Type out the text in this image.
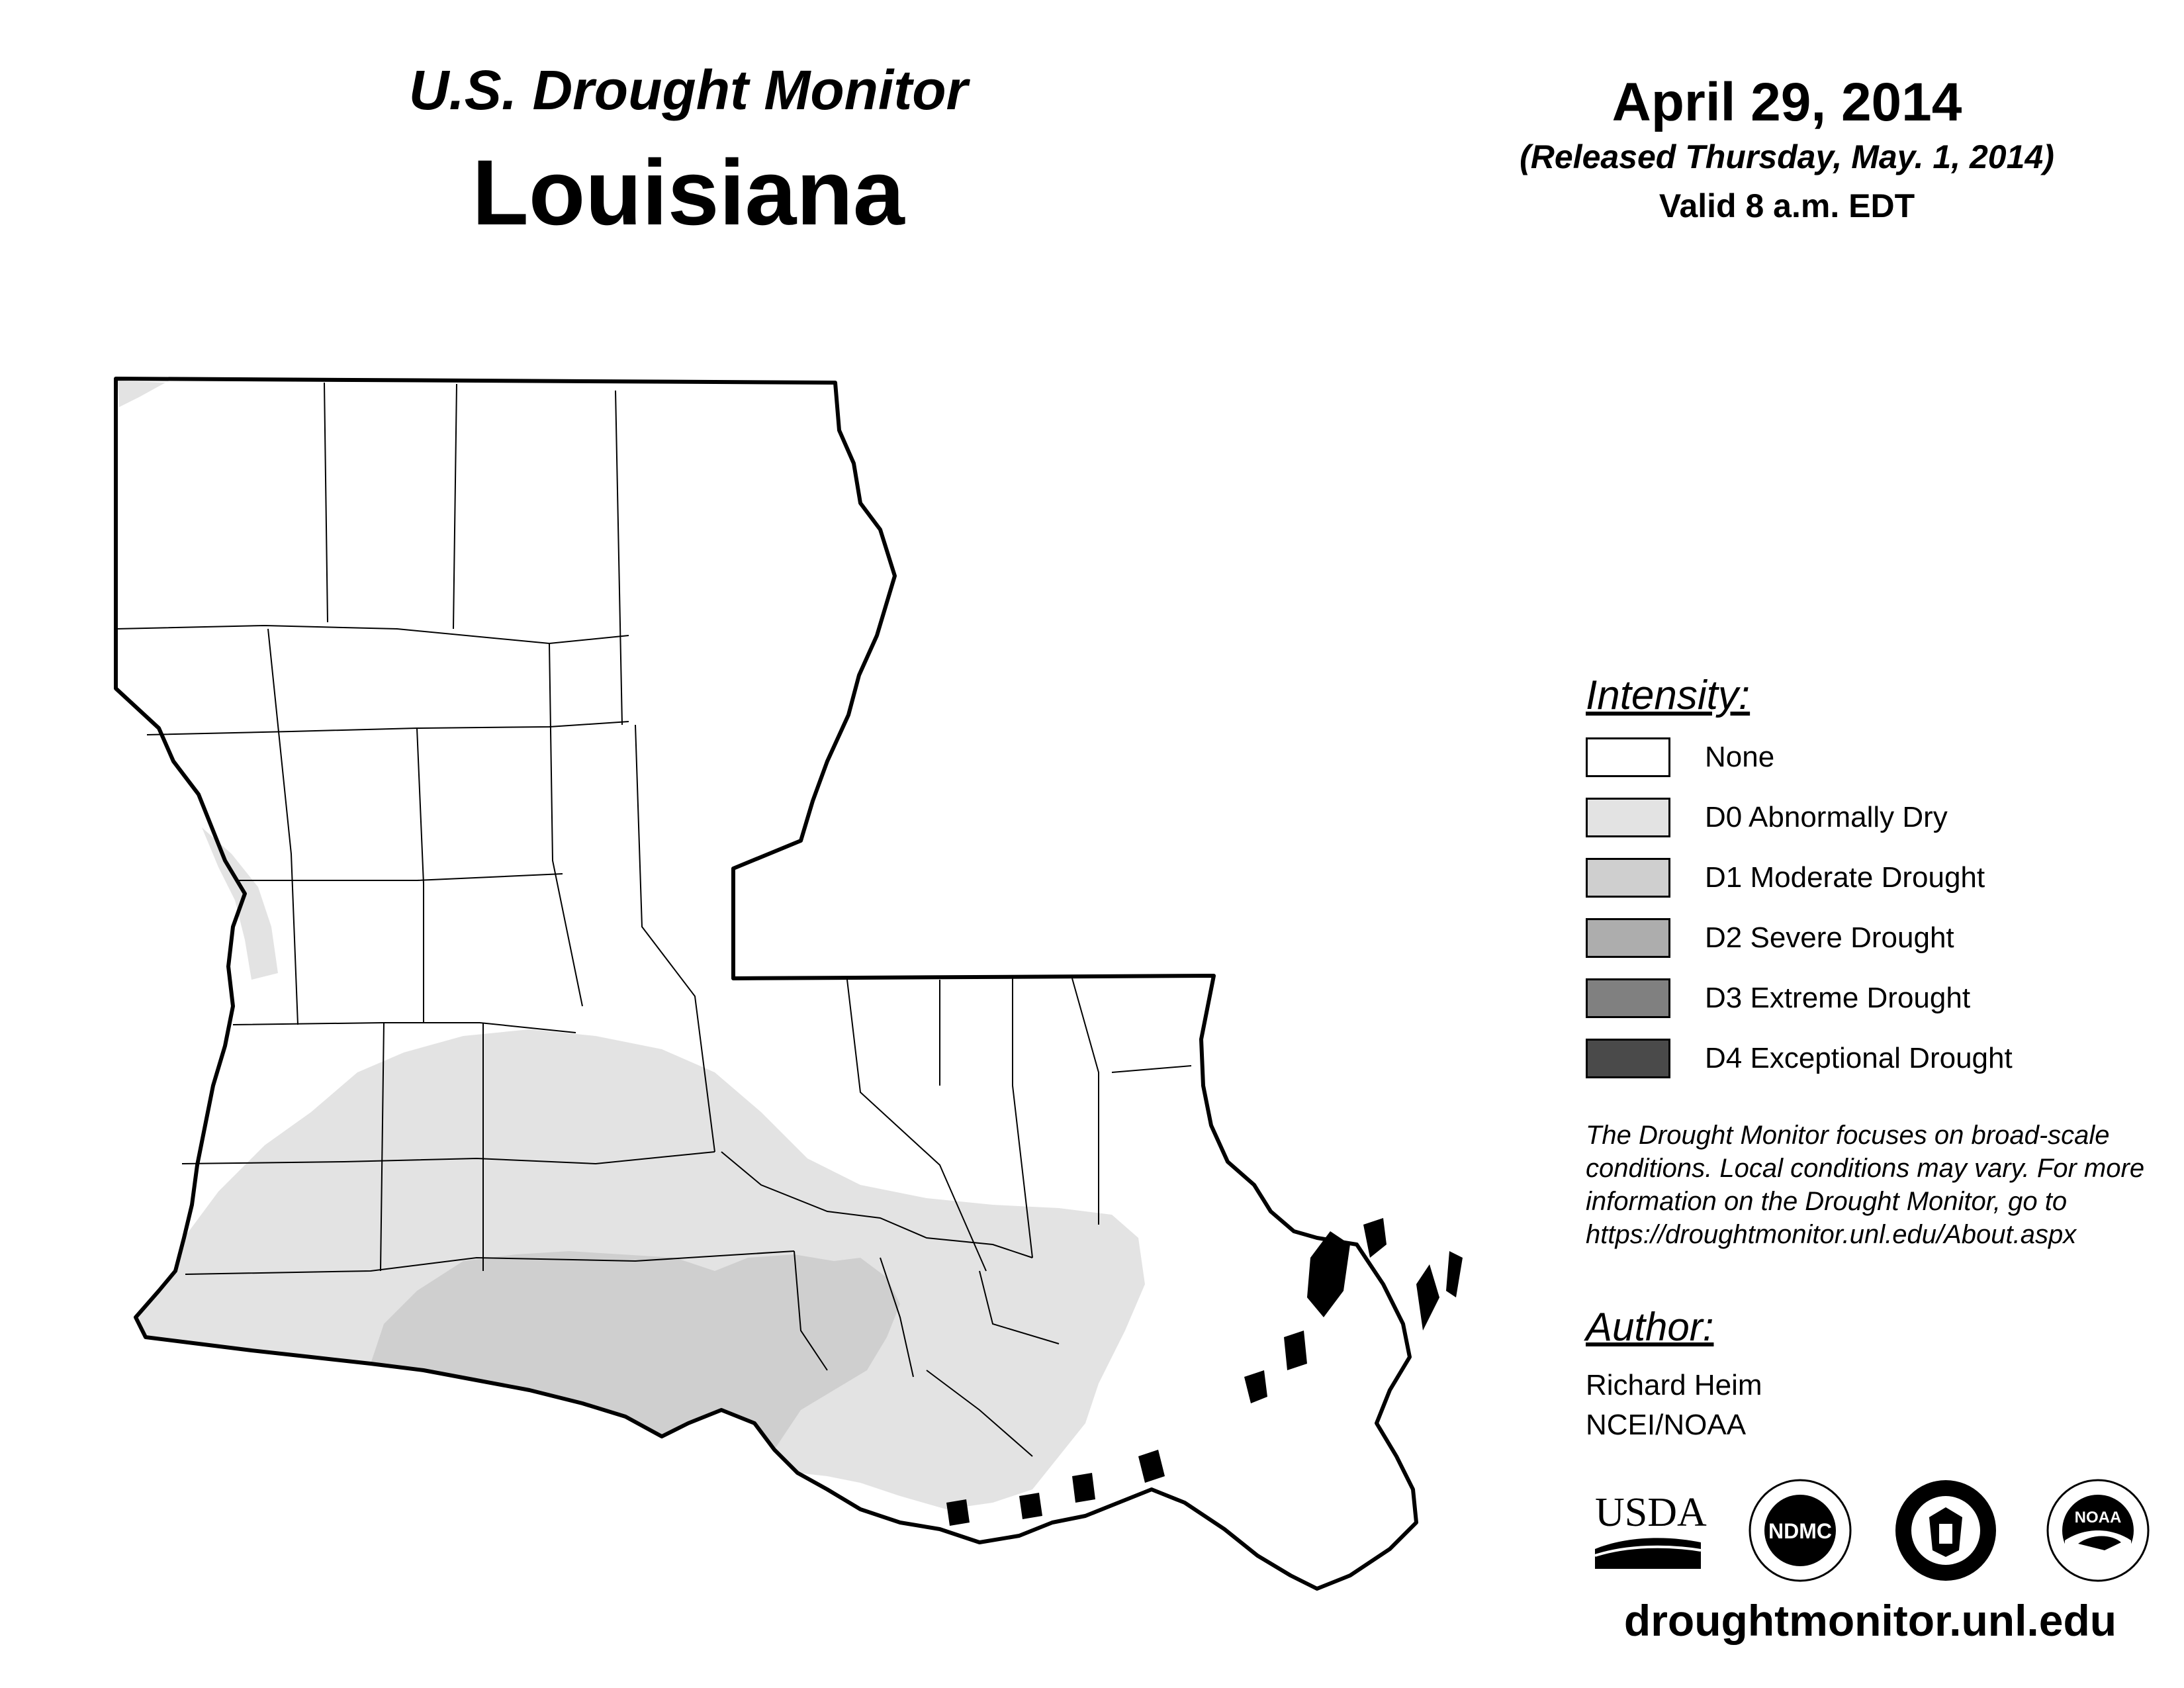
U.S. Drought Monitor
Louisiana
April 29, 2014
(Released Thursday, May. 1, 2014)
Valid 8 a.m. EDT
Intensity:
None
D0 Abnormally Dry
D1 Moderate Drought
D2 Severe Drought
D3 Extreme Drought
D4 Exceptional Drought
The Drought Monitor focuses on broad-scale
conditions. Local conditions may vary. For more
information on the Drought Monitor, go to
https://droughtmonitor.unl.edu/About.aspx
Author:
Richard Heim
NCEI/NOAA
USDA	NDMC
NOAA
droughtmonitor.unl.edu
